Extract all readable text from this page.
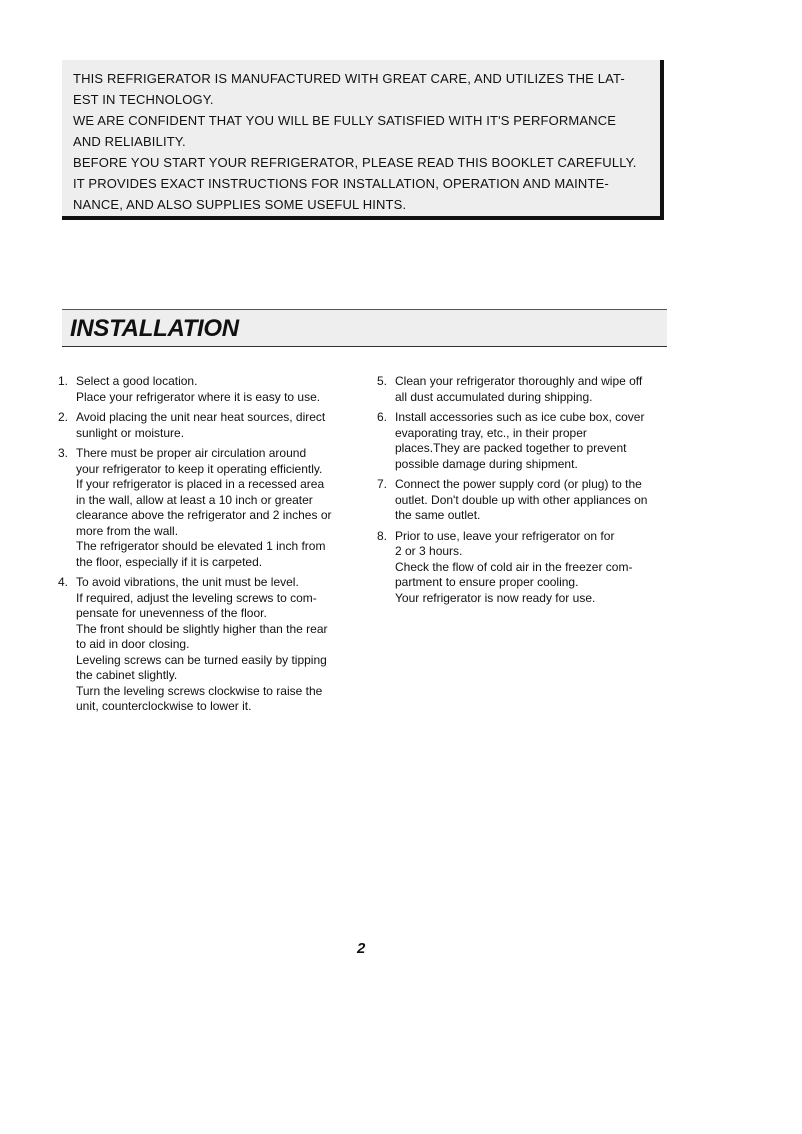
THIS REFRIGERATOR IS MANUFACTURED WITH GREAT CARE, AND UTILIZES THE LAT-

EST IN TECHNOLOGY.

WE ARE CONFIDENT THAT YOU WILL BE FULLY SATISFIED WITH IT'S PERFORMANCE

AND RELIABILITY.

BEFORE YOU START YOUR REFRIGERATOR, PLEASE READ THIS BOOKLET CAREFULLY.

IT PROVIDES EXACT INSTRUCTIONS FOR INSTALLATION, OPERATION AND MAINTE-

NANCE, AND ALSO SUPPLIES SOME USEFUL HINTS.

INSTALLATION
1. Select a good location.
Place your refrigerator where it is easy to use.
2. Avoid placing the unit near heat sources, direct
sunlight or moisture.
3. There must be proper air circulation around
your refrigerator to keep it operating efficiently.
If your refrigerator is placed in a recessed area
in the wall, allow at least a 10 inch or greater
clearance above the refrigerator and 2 inches or
more from the wall.
The refrigerator should be elevated 1 inch from
the floor, especially if it is carpeted.
4. To avoid vibrations, the unit must be level.
If required, adjust the leveling screws to com-
pensate for unevenness of the floor.
The front should be slightly higher than the rear
to aid in door closing.
Leveling screws can be turned easily by tipping
the cabinet slightly.
Turn the leveling screws clockwise to raise the
unit, counterclockwise to lower it.
5. Clean your refrigerator thoroughly and wipe off
all dust accumulated during shipping.
6. Install accessories such as ice cube box, cover
evaporating tray, etc., in their proper
places.They are packed together to prevent
possible damage during shipment.
7. Connect the power supply cord (or plug) to the
outlet. Don't double up with other appliances on
the same outlet.
8. Prior to use, leave your refrigerator on for
2 or 3 hours.
Check the flow of cold air in the freezer com-
partment to ensure proper cooling.
Your refrigerator is now ready for use.
2
